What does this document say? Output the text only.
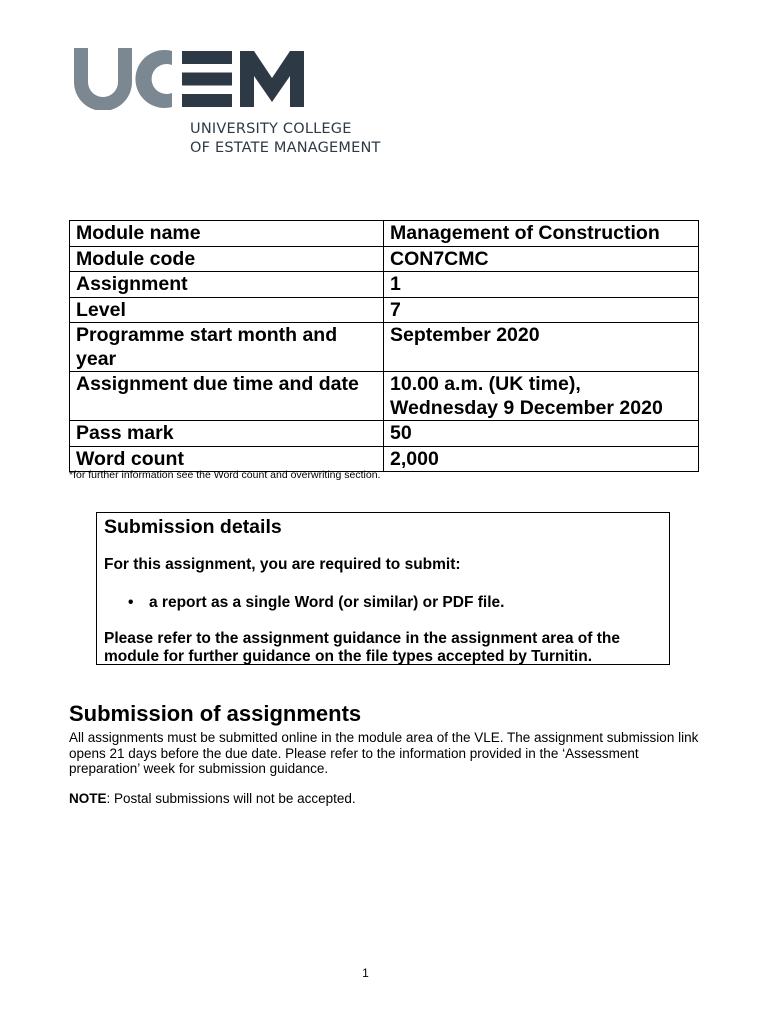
UNIVERSITY COLLEGE
OF ESTATE MANAGEMENT
Module name	Management of Construction
Module code	CON7CMC
Assignment	1
Level	7
Programme start month and year	September 2020
Assignment due time and date	10.00 a.m. (UK time), Wednesday 9 December 2020
Pass mark	50
Word count	2,000
*for further information see the Word count and overwriting section.
Submission details

For this assignment, you are required to submit:

•	a report as a single Word (or similar) or PDF file.

Please refer to the assignment guidance in the assignment area of the module for further guidance on the file types accepted by Turnitin.

Submission of assignments
All assignments must be submitted online in the module area of the VLE. The assignment submission link opens 21 days before the due date. Please refer to the information provided in the ‘Assessment preparation’ week for submission guidance.
NOTE: Postal submissions will not be accepted.
1
